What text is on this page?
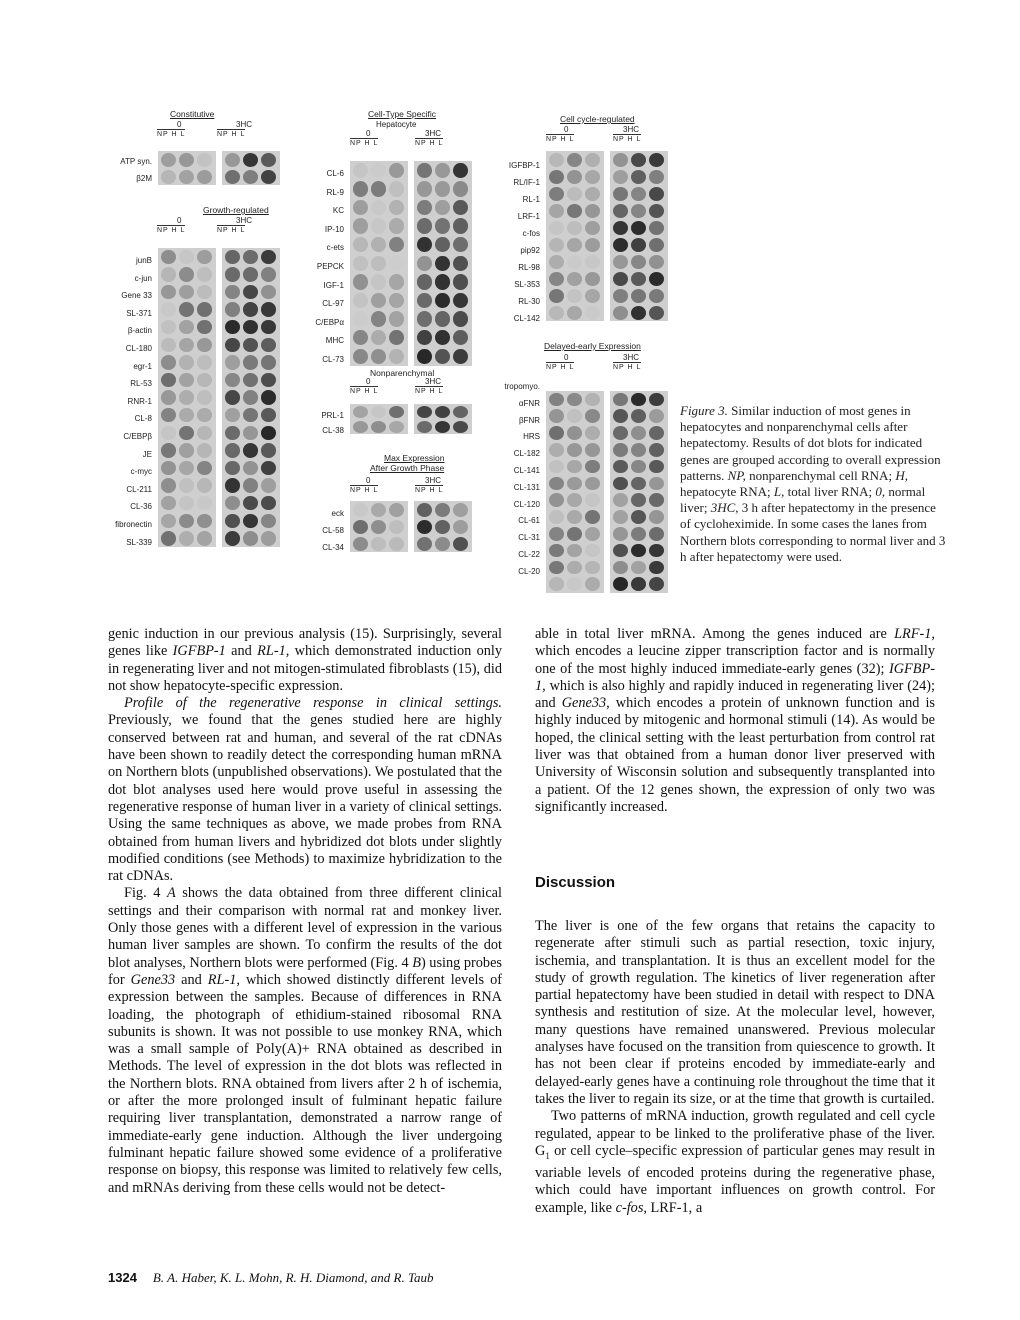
Constitutive
0	3HC
NP H L	NP H L
ATP syn.
β2M
Growth-regulated
0	3HC
NP H L	NP H L
junB
c-jun
Gene 33
SL-371
β-actin
CL-180
egr-1
RL-53
RNR-1
CL-8
C/EBPβ
JE
c-myc
CL-211
CL-36
fibronectin
SL-339
Cell-Type Specific
Hepatocyte
0	3HC
NP H L	NP H L
CL-6
RL-9
KC
IP-10
c-ets
PEPCK
IGF-1
CL-97
C/EBPα
MHC
CL-73
Nonparenchymal
0	3HC
NP H L	NP H L
PRL-1
CL-38
Max Expression
After Growth Phase
0	3HC
NP H L	NP H L
eck
CL-58
CL-34
Cell cycle-regulated
0	3HC
NP H L	NP H L
IGFBP-1
RL/IF-1
RL-1
LRF-1
c-fos
pip92
RL-98
SL-353
RL-30
CL-142
Delayed-early Expression
0	3HC
NP H L	NP H L
tropomyo.
αFNR
βFNR
HRS
CL-182
CL-141
CL-131
CL-120
CL-61
CL-31
CL-22
CL-20
Figure 3. Similar induction of most genes in hepatocytes and nonparenchymal cells after hepatectomy. Results of dot blots for indicated genes are grouped according to overall expression patterns. NP, nonparenchymal cell RNA; H, hepatocyte RNA; L, total liver RNA; 0, normal liver; 3HC, 3 h after hepatectomy in the presence of cycloheximide. In some cases the lanes from Northern blots corresponding to normal liver and 3 h after hepatectomy were used.

genic induction in our previous analysis (15). Surprisingly, several genes like IGFBP-1 and RL-1, which demonstrated induction only in regenerating liver and not mitogen-stimulated fibroblasts (15), did not show hepatocyte-specific expression.

Profile of the regenerative response in clinical settings. Previously, we found that the genes studied here are highly conserved between rat and human, and several of the rat cDNAs have been shown to readily detect the corresponding human mRNA on Northern blots (unpublished observations). We postulated that the dot blot analyses used here would prove useful in assessing the regenerative response of human liver in a variety of clinical settings. Using the same techniques as above, we made probes from RNA obtained from human livers and hybridized dot blots under slightly modified conditions (see Methods) to maximize hybridization to the rat cDNAs.

Fig. 4 A shows the data obtained from three different clinical settings and their comparison with normal rat and monkey liver. Only those genes with a different level of expression in the various human liver samples are shown. To confirm the results of the dot blot analyses, Northern blots were performed (Fig. 4 B) using probes for Gene33 and RL-1, which showed distinctly different levels of expression between the samples. Because of differences in RNA loading, the photograph of ethidium-stained ribosomal RNA subunits is shown. It was not possible to use monkey RNA, which was a small sample of Poly(A)+ RNA obtained as described in Methods. The level of expression in the dot blots was reflected in the Northern blots. RNA obtained from livers after 2 h of ischemia, or after the more prolonged insult of fulminant hepatic failure requiring liver transplantation, demonstrated a narrow range of immediate-early gene induction. Although the liver undergoing fulminant hepatic failure showed some evidence of a proliferative response on biopsy, this response was limited to relatively few cells, and mRNAs deriving from these cells would not be detect-

able in total liver mRNA. Among the genes induced are LRF-1, which encodes a leucine zipper transcription factor and is normally one of the most highly induced immediate-early genes (32); IGFBP-1, which is also highly and rapidly induced in regenerating liver (24); and Gene33, which encodes a protein of unknown function and is highly induced by mitogenic and hormonal stimuli (14). As would be hoped, the clinical setting with the least perturbation from control rat liver was that obtained from a human donor liver preserved with University of Wisconsin solution and subsequently transplanted into a patient. Of the 12 genes shown, the expression of only two was significantly increased.

Discussion

The liver is one of the few organs that retains the capacity to regenerate after stimuli such as partial resection, toxic injury, ischemia, and transplantation. It is thus an excellent model for the study of growth regulation. The kinetics of liver regeneration after partial hepatectomy have been studied in detail with respect to DNA synthesis and restitution of size. At the molecular level, however, many questions have remained unanswered. Previous molecular analyses have focused on the transition from quiescence to growth. It has not been clear if proteins encoded by immediate-early and delayed-early genes have a continuing role throughout the time that it takes the liver to regain its size, or at the time that growth is curtailed.

Two patterns of mRNA induction, growth regulated and cell cycle regulated, appear to be linked to the proliferative phase of the liver. $G_1$ or cell cycle–specific expression of particular genes may result in variable levels of encoded proteins during the regenerative phase, which could have important influences on growth control. For example, like c-fos, LRF-1, a

1324 B. A. Haber, K. L. Mohn, R. H. Diamond, and R. Taub
